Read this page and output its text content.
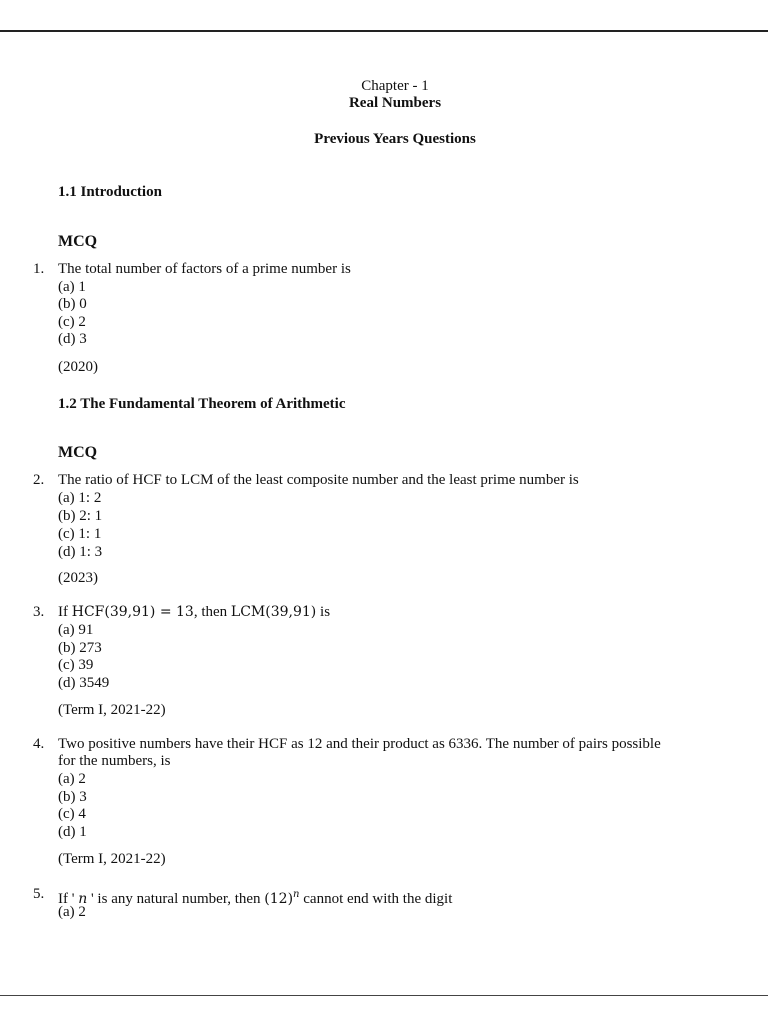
Chapter - 1
Real Numbers
Previous Years Questions
1.1 Introduction
MCQ
1. The total number of factors of a prime number is
(a) 1
(b) 0
(c) 2
(d) 3
(2020)
1.2 The Fundamental Theorem of Arithmetic
MCQ
2. The ratio of HCF to LCM of the least composite number and the least prime number is
(a) 1: 2
(b) 2: 1
(c) 1: 1
(d) 1: 3
(2023)
3. If HCF(39,91) = 13, then LCM(39,91) is
(a) 91
(b) 273
(c) 39
(d) 3549
(Term I, 2021-22)
4. Two positive numbers have their HCF as 12 and their product as 6336. The number of pairs possible
for the numbers, is
(a) 2
(b) 3
(c) 4
(d) 1
(Term I, 2021-22)
5. If ' n ' is any natural number, then $(12)^n$ cannot end with the digit
(a) 2
